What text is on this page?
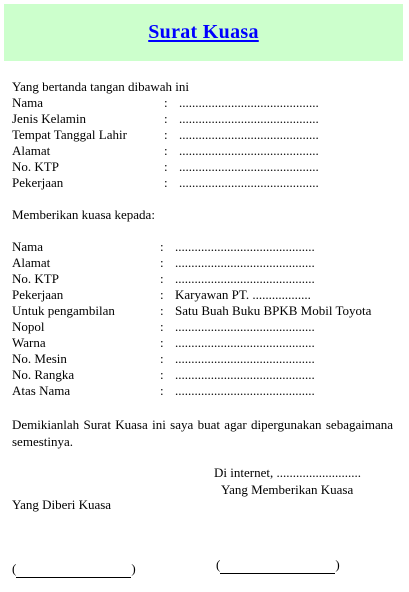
Surat Kuasa
Yang bertanda tangan dibawah ini
Nama	: ...........................................
Jenis Kelamin	: ...........................................
Tempat Tanggal Lahir	: ...........................................
Alamat	: ...........................................
No. KTP	: ...........................................
Pekerjaan	: ...........................................
Memberikan kuasa kepada:
Nama	: ...........................................
Alamat	: ...........................................
No. KTP	: ...........................................
Pekerjaan	: Karyawan PT. ..................
Untuk pengambilan	: Satu Buah Buku BPKB Mobil Toyota
Nopol	: ...........................................
Warna	: ...........................................
No. Mesin	: ...........................................
No. Rangka	: ...........................................
Atas Nama	: ...........................................
Demikianlah Surat Kuasa ini saya buat agar dipergunakan sebagaimana semestinya.
Di internet, ..........................
Yang Memberikan Kuasa
Yang Diberi Kuasa
(	)	(	)
